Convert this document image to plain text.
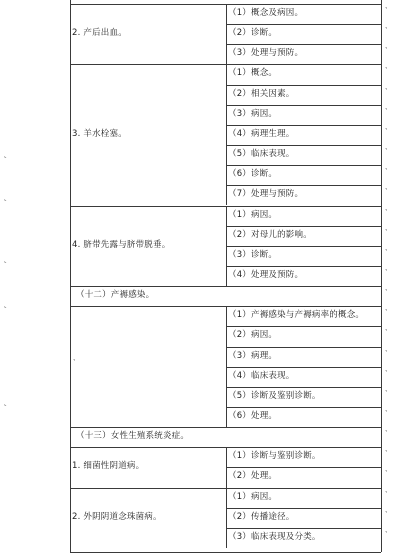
2. 产后出血。
（1）概念及病因。	˺
（2）诊断。	˺
（3）处理与预防。	˺
3. 羊水栓塞。
（1）概念。	˺
（2）相关因素。	˺
（3）病因。	˺
（4）病理生理。	˺
（5）临床表现。	˺
（6）诊断。	˺
（7）处理与预防。	˺
4. 脐带先露与脐带脱垂。
（1）病因。	˺
（2）对母儿的影响。	˺
（3）诊断。	˺
（4）处理及预防。	˺
（十二）产褥感染。	˺
˺
（1）产褥感染与产褥病率的概念。	˺
（2）病因。	˺
（3）病理。	˺
（4）临床表现。	˺
（5）诊断及鉴别诊断。	˺
（6）处理。	˺
（十三）女性生殖系统炎症。	˺
1. 细菌性阴道病。
（1）诊断与鉴别诊断。	˺
（2）处理。	˺
2. 外阴阴道念珠菌病。
（1）病因。	˺
（2）传播途径。	˺
（3）临床表现及分类。	˺
˻
˻
˻
˻
˻
